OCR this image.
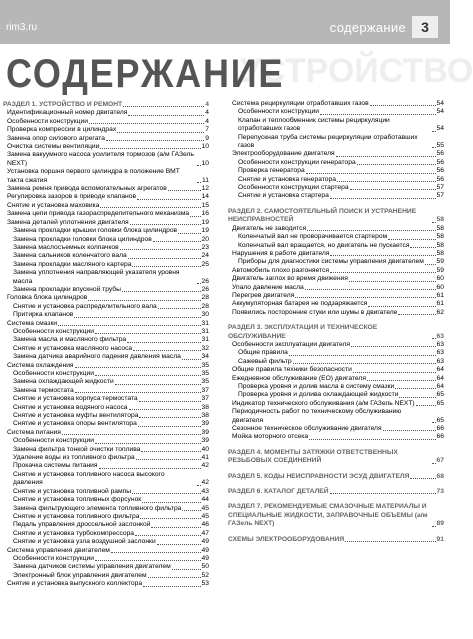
rim3.ru	содержание	3
УСТРОЙСТВО
СОДЕРЖАНИЕ
РАЗДЕЛ 1. УСТРОЙСТВО И РЕМОНТ	4
Идентификационный номер двигателя	4
Особенности конструкции	4
Проверка компрессии в цилиндрах	7
Замена опор силового агрегата	9
Очистка системы вентиляции	10
Замена вакуумного насоса усилителя тормозов (а/м ГАЗель NEXT)	10
Установка поршня первого цилиндра в положение ВМТ такта сжатия	11
Замена ремня привода вспомогательных агрегатов	12
Регулировка зазоров в приводе клапанов	14
Снятие и установка маховика	15
Замена цепи привода газораспределительного механизма 16
Замена деталей уплотнения двигателя	19
Замена прокладки крышки головки блока цилиндров	19
Замена прокладки головки блока цилиндров	20
Замена маслосъемных колпачков	23
Замена сальников коленчатого вала	24
Замена прокладки масляного картера	25
Замена уплотнения направляющей указателя уровня масла	26
Замена прокладки впускной трубы	26
Головка блока цилиндров	28
Снятие и установка распределительного вала	28
Притирка клапанов	30
Система смазки	31
Особенности конструкции	31
Замена масла и масляного фильтра	31
Снятие и установка масляного насоса	32
Замена датчика аварийного падения давления масла	34
Система охлаждения	35
Особенности конструкции	35
Замена охлаждающей жидкости	35
Замена термостата	37
Снятие и установка корпуса термостата	37
Снятие и установка водяного насоса	38
Снятие и установка муфты вентилятора	38
Снятие и установка опоры вентилятора	39
Система питания	39
Особенности конструкции	39
Замена фильтра тонкой очистки топлива	40
Удаление воды из топливного фильтра	41
Прокачка системы питания	42
Снятие и установка топливного насоса высокого давления	42
Снятие и установка топливной рампы	43
Снятие и установка топливных форсунок	44
Замена фильтрующего элемента топливного фильтра	45
Снятие и установка топливного фильтра	45
Педаль управления дроссельной заслонкой	46
Снятие и установка турбокомпрессора	47
Снятие и установка узла воздушной заслонки	49
Система управления двигателем	49
Особенности конструкции	49
Замена датчиков системы управления двигателем	50
Электронный блок управления двигателем	52
Снятие и установка выпускного коллектора	53
Система рециркуляции отработавших газов	54
Особенности конструкции	54
Клапан и теплообменник системы рециркуляции отработавших газов	54
Перепускная труба системы рециркуляции отработавших газов	55
Электрооборудование двигателя	56
Особенности конструкции генератора	56
Проверка генератора	56
Снятие и установка генератора	56
Особенности конструкции стартера	57
Снятие и установка стартера	57
РАЗДЕЛ 2. САМОСТОЯТЕЛЬНЫЙ ПОИСК И УСТРАНЕНИЕ НЕИСПРАВНОСТЕЙ	58
Двигатель не заводится	58
Коленчатый вал не проворачивается стартером	58
Коленчатый вал вращается, но двигатель не пускается	58
Нарушения в работе двигателя	58
Приборы для диагностики системы управления двигателем 59
Автомобиль плохо разгоняется	59
Двигатель заглох во время движения	60
Упало давление масла	60
Перегрев двигателя	61
Аккумуляторная батарея не подзаряжается	61
Появились посторонние стуки или шумы в двигателе	62
РАЗДЕЛ 3. ЭКСПЛУАТАЦИЯ И ТЕХНИЧЕСКОЕ ОБСЛУЖИВАНИЕ	63
Особенности эксплуатации двигателя	63
Общие правила	63
Сажевый фильтр	63
Общие правила техники безопасности	64
Ежедневное обслуживание (ЕО) двигателя	64
Проверка уровня и долив масла в систему смазки	64
Проверка уровня и долива охлаждающей жидкости	65
Индикатор технического обслуживания (а/м ГАЗель NEXT)	65
Периодичность работ по техническому обслуживанию двигателя	65
Сезонное техническое обслуживание двигателя	66
Мойка моторного отсека	66
РАЗДЕЛ 4. МОМЕНТЫ ЗАТЯЖКИ ОТВЕТСТВЕННЫХ РЕЗЬБОВЫХ СОЕДИНЕНИЙ	67
РАЗДЕЛ 5. КОДЫ НЕИСПРАВНОСТИ ЭСУД ДВИГАТЕЛЯ	68
РАЗДЕЛ 6. КАТАЛОГ ДЕТАЛЕЙ	73
РАЗДЕЛ 7. РЕКОМЕНДУЕМЫЕ СМАЗОЧНЫЕ МАТЕРИАЛЫ И СПЕЦИАЛЬНЫЕ ЖИДКОСТИ, ЗАПРАВОЧНЫЕ ОБЪЕМЫ (а/м ГАЗель NEXT)	89
СХЕМЫ ЭЛЕКТРООБОРУДОВАНИЯ	91
